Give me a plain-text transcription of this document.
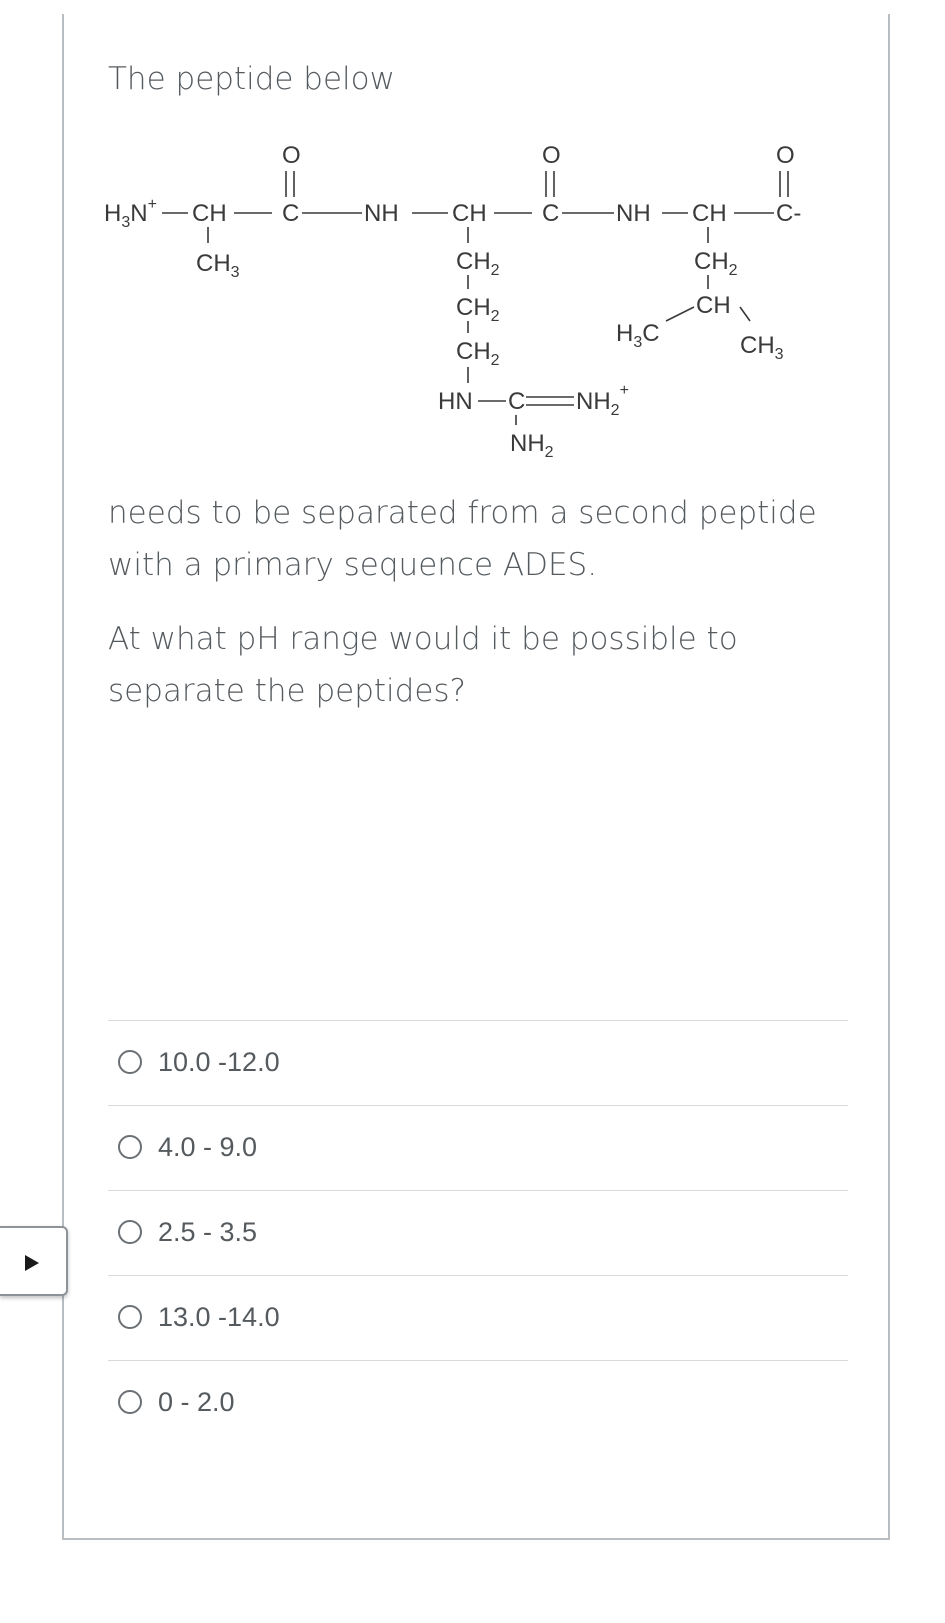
The peptide below

$H_3N^+$ CH
$CH_3$
O
C	NH CH
$CH_2$
$CH_2$
$CH_2$
HN C $NH_2^+$
$NH_2$
O
C NH CH
$CH_2$
CH
$H_3C$	$CH_3$
O
C-

needs to be separated from a second peptide

with a primary sequence ADES.

At what pH range would it be possible to

separate the peptides?

10.0 -12.0
4.0 - 9.0
2.5 - 3.5
13.0 -14.0
0 - 2.0
